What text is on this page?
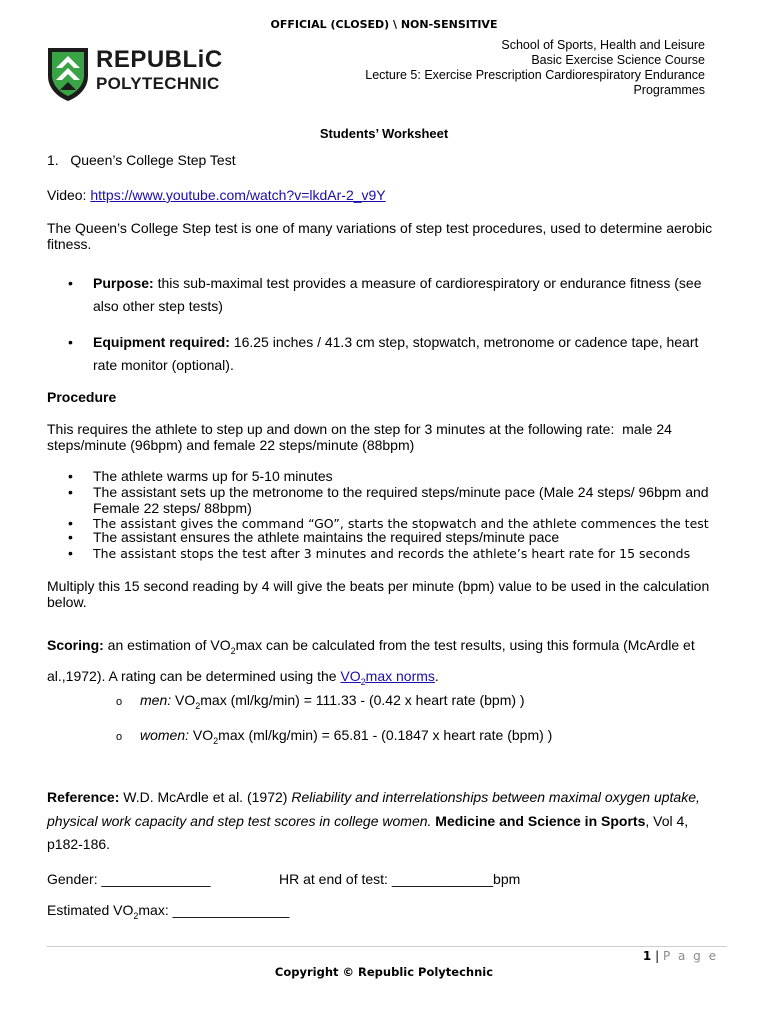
OFFICIAL (CLOSED) \ NON-SENSITIVE
REPUBLiC
POLYTECHNIC
School of Sports, Health and Leisure
Basic Exercise Science Course
Lecture 5: Exercise Prescription Cardiorespiratory Endurance
Programmes
Students’ Worksheet
1.   Queen’s College Step Test
Video: https://www.youtube.com/watch?v=lkdAr-2_v9Y
The Queen’s College Step test is one of many variations of step test procedures, used to determine aerobic fitness.
• Purpose: this sub-maximal test provides a measure of cardiorespiratory or endurance fitness (see also other step tests)
• Equipment required: 16.25 inches / 41.3 cm step, stopwatch, metronome or cadence tape, heart rate monitor (optional).
Procedure
This requires the athlete to step up and down on the step for 3 minutes at the following rate:  male 24 steps/minute (96bpm) and female 22 steps/minute (88bpm)
• The athlete warms up for 5-10 minutes
• The assistant sets up the metronome to the required steps/minute pace (Male 24 steps/ 96bpm and Female 22 steps/ 88bpm)
• The assistant gives the command “GO”, starts the stopwatch and the athlete commences the test
• The assistant ensures the athlete maintains the required steps/minute pace
• The assistant stops the test after 3 minutes and records the athlete’s heart rate for 15 seconds
Multiply this 15 second reading by 4 will give the beats per minute (bpm) value to be used in the calculation below.
Scoring: an estimation of $VO_2\max$ can be calculated from the test results, using this formula (McArdle et al.,1972). A rating can be determined using the $VO_2\max$ norms.
o men: $VO_2\max$ (ml/kg/min) = 111.33 - (0.42 x heart rate (bpm) )
o women: $VO_2\max$ (ml/kg/min) = 65.81 - (0.1847 x heart rate (bpm) )
Reference: W.D. McArdle et al. (1972) Reliability and interrelationships between maximal oxygen uptake, physical work capacity and step test scores in college women. Medicine and Science in Sports, Vol 4, p182-186.
Gender: ______________	HR at end of test: _____________bpm
Estimated $VO_2\max$: _______________
1 | P a g e
Copyright © Republic Polytechnic
